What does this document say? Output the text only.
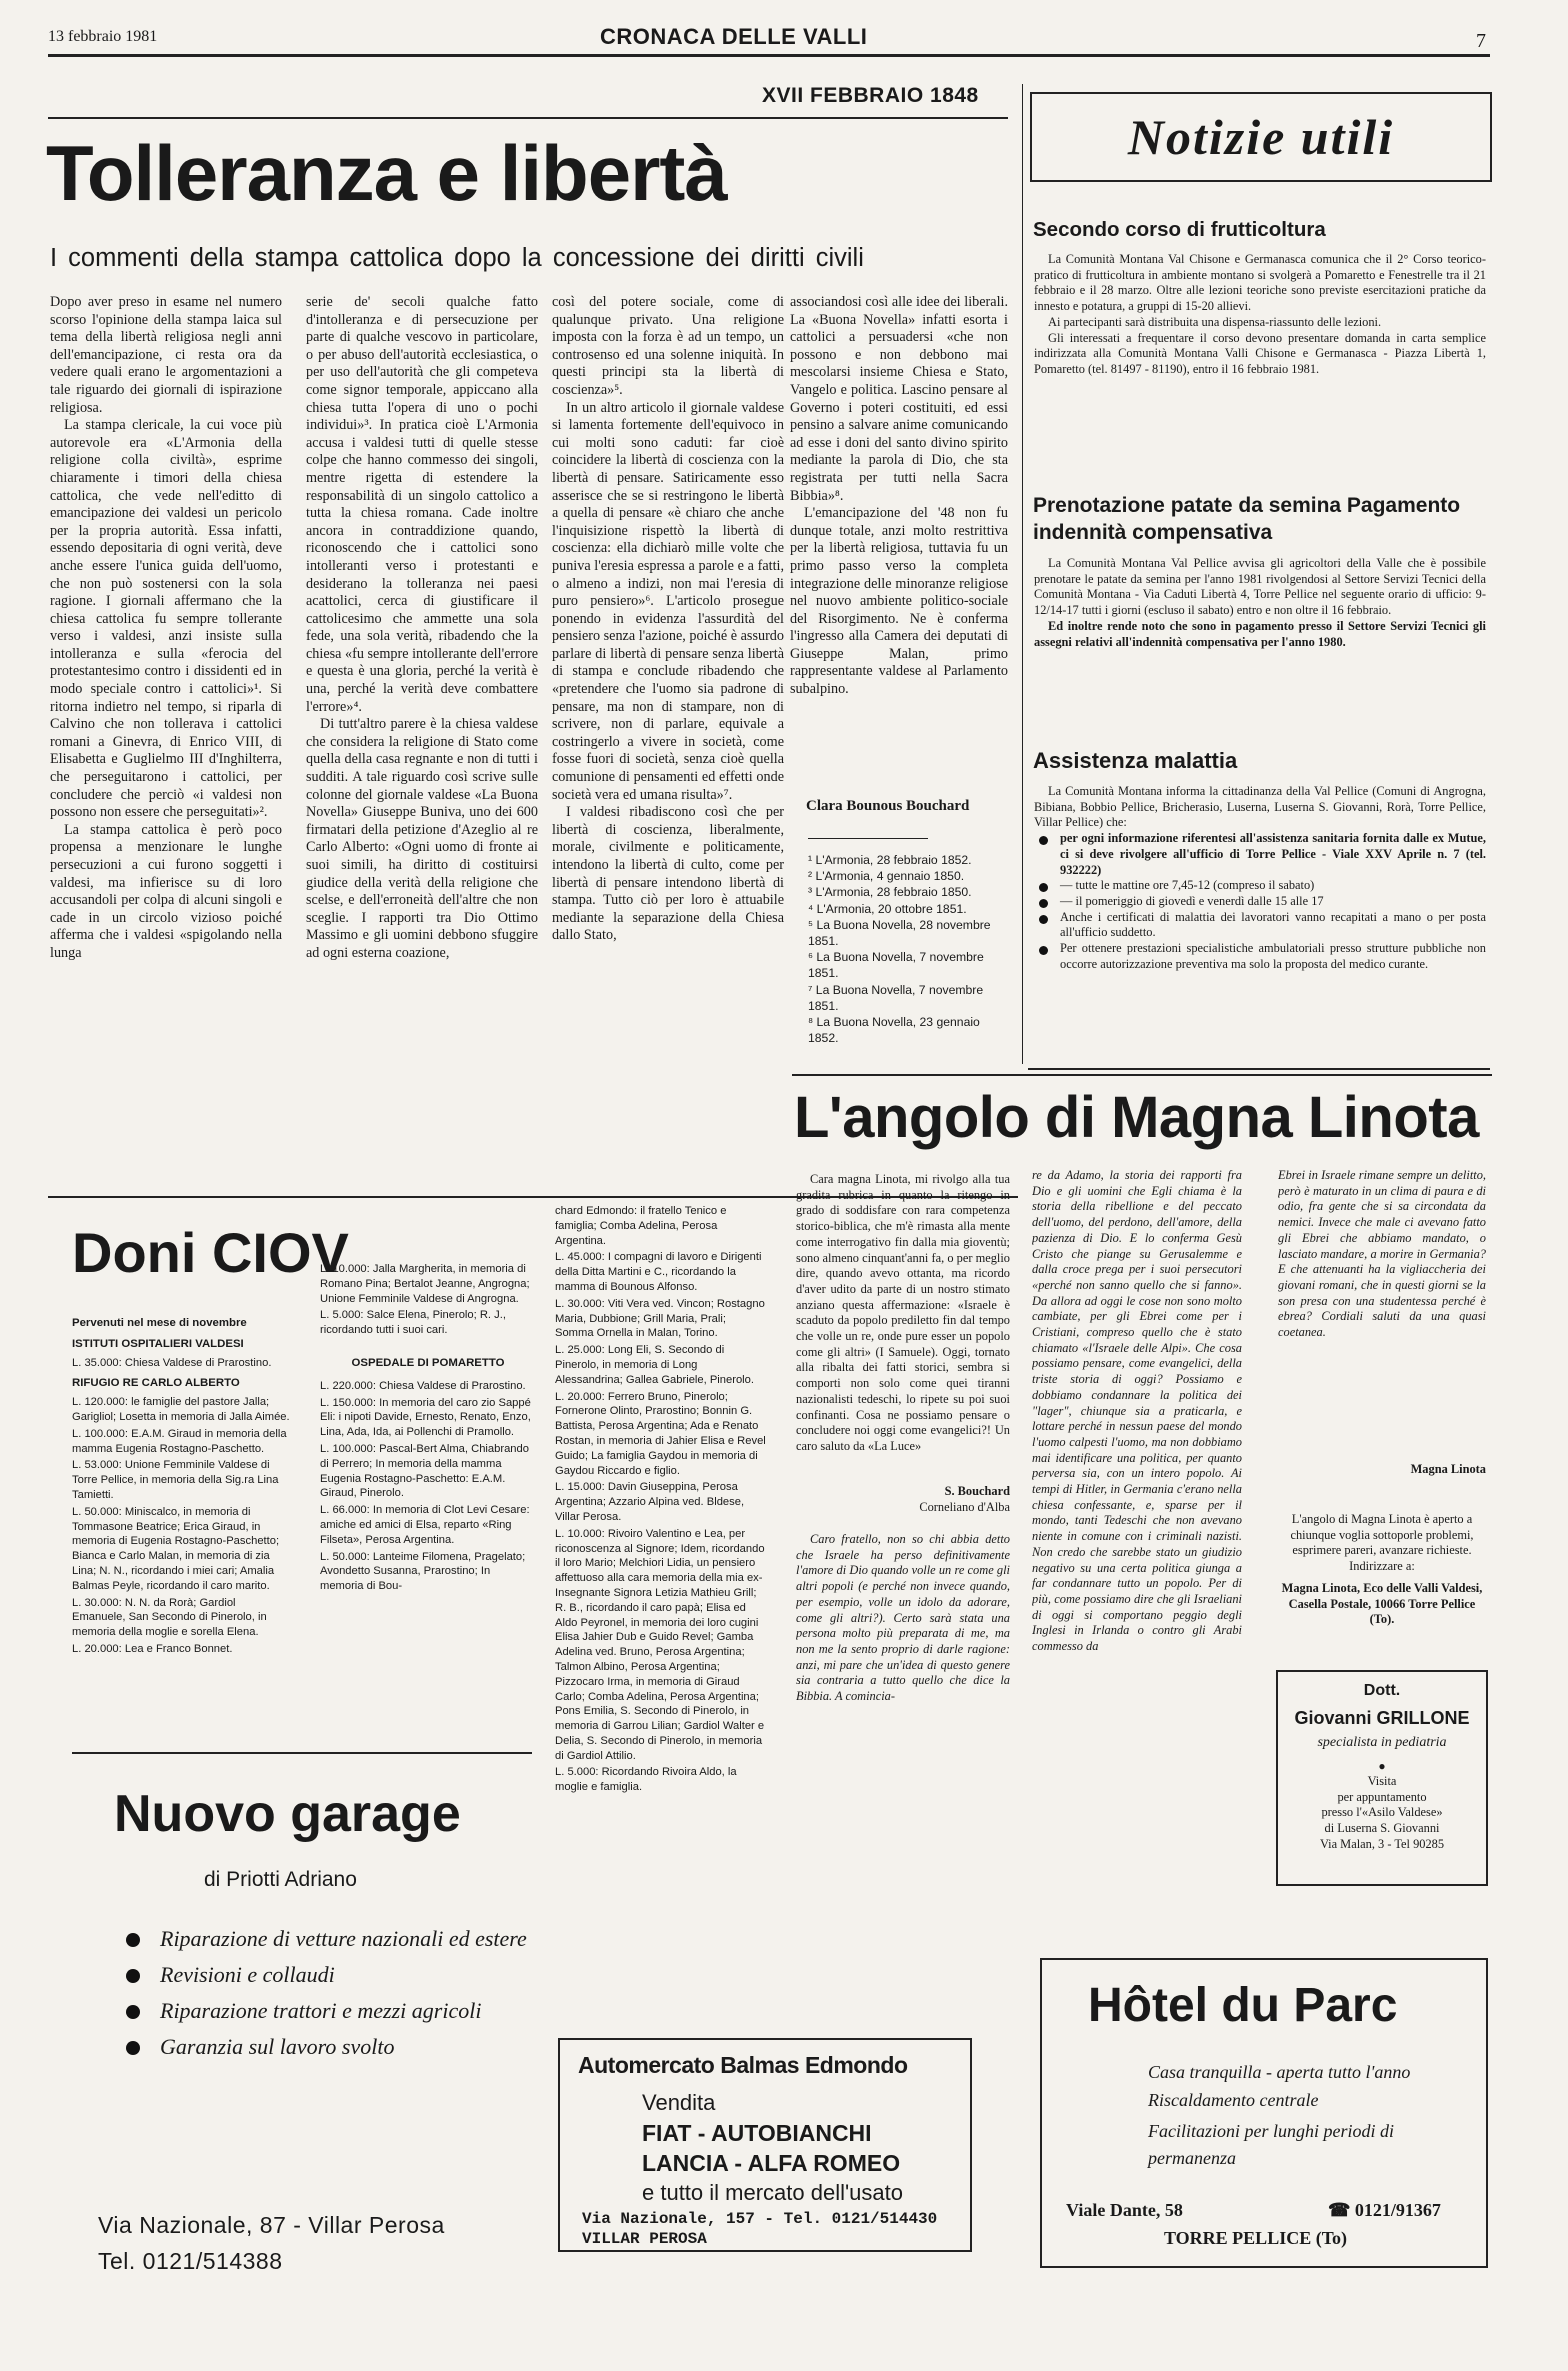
13 febbraio 1981	CRONACA DELLE VALLI	7
XVII FEBBRAIO 1848
Tolleranza e libertà
I commenti della stampa cattolica dopo la concessione dei diritti civili

Dopo aver preso in esame nel numero scorso l'opinione della stampa laica sul tema della libertà religiosa negli anni dell'emancipazione, ci resta ora da vedere quali erano le argomentazioni a tale riguardo dei giornali di ispirazione religiosa.

La stampa clericale, la cui voce più autorevole era «L'Armonia della religione colla civiltà», esprime chiaramente i timori della chiesa cattolica, che vede nell'editto di emancipazione dei valdesi un pericolo per la propria autorità. Essa infatti, essendo depositaria di ogni verità, deve anche essere l'unica guida dell'uomo, che non può sostenersi con la sola ragione. I giornali affermano che la chiesa cattolica fu sempre tollerante verso i valdesi, anzi insiste sulla intolleranza e sulla «ferocia del protestantesimo contro i dissidenti ed in modo speciale contro i cattolici»¹. Si ritorna indietro nel tempo, si riparla di Calvino che non tollerava i cattolici romani a Ginevra, di Enrico VIII, di Elisabetta e Guglielmo III d'Inghilterra, che perseguitarono i cattolici, per concludere che perciò «i valdesi non possono non essere che perseguitati»².

La stampa cattolica è però poco propensa a menzionare le lunghe persecuzioni a cui furono soggetti i valdesi, ma infierisce su di loro accusandoli per colpa di alcuni singoli e cade in un circolo vizioso poiché afferma che i valdesi «spigolando nella lunga

serie de' secoli qualche fatto d'intolleranza e di persecuzione per parte di qualche vescovo in particolare, o per abuso dell'autorità ecclesiastica, o per uso dell'autorità che gli competeva come signor temporale, appiccano alla chiesa tutta l'opera di uno o pochi individui»³. In pratica cioè L'Armonia accusa i valdesi tutti di quelle stesse colpe che hanno commesso dei singoli, mentre rigetta di estendere la responsabilità di un singolo cattolico a tutta la chiesa romana. Cade inoltre ancora in contraddizione quando, riconoscendo che i cattolici sono intolleranti verso i protestanti e desiderano la tolleranza nei paesi acattolici, cerca di giustificare il cattolicesimo che ammette una sola fede, una sola verità, ribadendo che la chiesa «fu sempre intollerante dell'errore e questa è una gloria, perché la verità è una, perché la verità deve combattere l'errore»⁴.

Di tutt'altro parere è la chiesa valdese che considera la religione di Stato come quella della casa regnante e non di tutti i sudditi. A tale riguardo così scrive sulle colonne del giornale valdese «La Buona Novella» Giuseppe Buniva, uno dei 600 firmatari della petizione d'Azeglio al re Carlo Alberto: «Ogni uomo di fronte ai suoi simili, ha diritto di costituirsi giudice della verità della religione che scelse, e dell'erroneità dell'altre che non sceglie. I rapporti tra Dio Ottimo Massimo e gli uomini debbono sfuggire ad ogni esterna coazione,

così del potere sociale, come di qualunque privato. Una religione imposta con la forza è ad un tempo, un controsenso ed una solenne iniquità. In questi principi sta la libertà di coscienza»⁵.

In un altro articolo il giornale valdese si lamenta fortemente dell'equivoco in cui molti sono caduti: far cioè coincidere la libertà di coscienza con la libertà di pensare. Satiricamente esso asserisce che se si restringono le libertà a quella di pensare «è chiaro che anche l'inquisizione rispettò la libertà di coscienza: ella dichiarò mille volte che puniva l'eresia espressa a parole e a fatti, o almeno a indizi, non mai l'eresia di puro pensiero»⁶. L'articolo prosegue ponendo in evidenza l'assurdità del pensiero senza l'azione, poiché è assurdo parlare di libertà di pensare senza libertà di stampa e conclude ribadendo che «pretendere che l'uomo sia padrone di pensare, ma non di stampare, non di scrivere, non di parlare, equivale a costringerlo a vivere in società, come fosse fuori di società, senza cioè quella comunione di pensamenti ed effetti onde società vera ed umana risulta»⁷.

I valdesi ribadiscono così che per libertà di coscienza, liberalmente, morale, civilmente e politicamente, intendono la libertà di culto, come per libertà di pensare intendono libertà di stampa. Tutto ciò per loro è attuabile mediante la separazione della Chiesa dallo Stato,

associandosi così alle idee dei liberali. La «Buona Novella» infatti esorta i cattolici a persuadersi «che non possono e non debbono mai mescolarsi insieme Chiesa e Stato, Vangelo e politica. Lascino pensare al Governo i poteri costituiti, ed essi pensino a salvare anime comunicando ad esse i doni del santo divino spirito mediante la parola di Dio, che sta registrata per tutti nella Sacra Bibbia»⁸.

L'emancipazione del '48 non fu dunque totale, anzi molto restrittiva per la libertà religiosa, tuttavia fu un primo passo verso la completa integrazione delle minoranze religiose nel nuovo ambiente politico-sociale del Risorgimento. Ne è conferma l'ingresso alla Camera dei deputati di Giuseppe Malan, primo rappresentante valdese al Parlamento subalpino.

Clara Bounous Bouchard
¹ L'Armonia, 28 febbraio 1852.
² L'Armonia, 4 gennaio 1850.
³ L'Armonia, 28 febbraio 1850.
⁴ L'Armonia, 20 ottobre 1851.
⁵ La Buona Novella, 28 novembre 1851.
⁶ La Buona Novella, 7 novembre 1851.
⁷ La Buona Novella, 7 novembre 1851.
⁸ La Buona Novella, 23 gennaio 1852.
Notizie utili
Secondo corso di frutticoltura

La Comunità Montana Val Chisone e Germanasca comunica che il 2° Corso teorico-pratico di frutticoltura in ambiente montano si svolgerà a Pomaretto e Fenestrelle tra il 21 febbraio e il 28 marzo. Oltre alle lezioni teoriche sono previste esercitazioni pratiche da innesto e potatura, a gruppi di 15-20 allievi.

Ai partecipanti sarà distribuita una dispensa-riassunto delle lezioni.

Gli interessati a frequentare il corso devono presentare domanda in carta semplice indirizzata alla Comunità Montana Valli Chisone e Germanasca - Piazza Libertà 1, Pomaretto (tel. 81497 - 81190), entro il 16 febbraio 1981.

Prenotazione patate da semina Pagamento indennità compensativa

La Comunità Montana Val Pellice avvisa gli agricoltori della Valle che è possibile prenotare le patate da semina per l'anno 1981 rivolgendosi al Settore Servizi Tecnici della Comunità Montana - Via Caduti Libertà 4, Torre Pellice nel seguente orario di ufficio: 9-12/14-17 tutti i giorni (escluso il sabato) entro e non oltre il 16 febbraio.

Ed inoltre rende noto che sono in pagamento presso il Settore Servizi Tecnici gli assegni relativi all'indennità compensativa per l'anno 1980.

Assistenza malattia

La Comunità Montana informa la cittadinanza della Val Pellice (Comuni di Angrogna, Bibiana, Bobbio Pellice, Bricherasio, Luserna, Luserna S. Giovanni, Rorà, Torre Pellice, Villar Pellice) che:

per ogni informazione riferentesi all'assistenza sanitaria fornita dalle ex Mutue, ci si deve rivolgere all'ufficio di Torre Pellice - Viale XXV Aprile n. 7 (tel. 932222)
— tutte le mattine ore 7,45-12 (compreso il sabato)
— il pomeriggio di giovedì e venerdì dalle 15 alle 17
Anche i certificati di malattia dei lavoratori vanno recapitati a mano o per posta all'ufficio suddetto.
Per ottenere prestazioni specialistiche ambulatoriali presso strutture pubbliche non occorre autorizzazione preventiva ma solo la proposta del medico curante.
Doni CIOV
Pervenuti nel mese di novembre
ISTITUTI OSPITALIERI VALDESI

L. 35.000: Chiesa Valdese di Prarostino.

RIFUGIO RE CARLO ALBERTO

L. 120.000: le famiglie del pastore Jalla; Garigliol; Losetta in memoria di Jalla Aimée.

L. 100.000: E.A.M. Giraud in memoria della mamma Eugenia Rostagno-Paschetto.

L. 53.000: Unione Femminile Valdese di Torre Pellice, in memoria della Sig.ra Lina Tamietti.

L. 50.000: Miniscalco, in memoria di Tommasone Beatrice; Erica Giraud, in memoria di Eugenia Rostagno-Paschetto; Bianca e Carlo Malan, in memoria di zia Lina; N. N., ricordando i miei cari; Amalia Balmas Peyle, ricordando il caro marito.

L. 30.000: N. N. da Rorà; Gardiol Emanuele, San Secondo di Pinerolo, in memoria della moglie e sorella Elena.

L. 20.000: Lea e Franco Bonnet.

L. 10.000: Jalla Margherita, in memoria di Romano Pina; Bertalot Jeanne, Angrogna; Unione Femminile Valdese di Angrogna.

L. 5.000: Salce Elena, Pinerolo; R. J., ricordando tutti i suoi cari.

OSPEDALE DI POMARETTO

L. 220.000: Chiesa Valdese di Prarostino.

L. 150.000: In memoria del caro zio Sappé Eli: i nipoti Davide, Ernesto, Renato, Enzo, Lina, Ada, Ida, ai Pollenchi di Pramollo.

L. 100.000: Pascal-Bert Alma, Chiabrando di Perrero; In memoria della mamma Eugenia Rostagno-Paschetto: E.A.M. Giraud, Pinerolo.

L. 66.000: In memoria di Clot Levi Cesare: amiche ed amici di Elsa, reparto «Ring Filseta», Perosa Argentina.

L. 50.000: Lanteime Filomena, Pragelato; Avondetto Susanna, Prarostino; In memoria di Bou-

chard Edmondo: il fratello Tenico e famiglia; Comba Adelina, Perosa Argentina.

L. 45.000: I compagni di lavoro e Dirigenti della Ditta Martini e C., ricordando la mamma di Bounous Alfonso.

L. 30.000: Viti Vera ved. Vincon; Rostagno Maria, Dubbione; Grill Maria, Prali; Somma Ornella in Malan, Torino.

L. 25.000: Long Eli, S. Secondo di Pinerolo, in memoria di Long Alessandrina; Gallea Gabriele, Pinerolo.

L. 20.000: Ferrero Bruno, Pinerolo; Fornerone Olinto, Prarostino; Bonnin G. Battista, Perosa Argentina; Ada e Renato Rostan, in memoria di Jahier Elisa e Revel Guido; La famiglia Gaydou in memoria di Gaydou Riccardo e figlio.

L. 15.000: Davin Giuseppina, Perosa Argentina; Azzario Alpina ved. Bldese, Villar Perosa.

L. 10.000: Rivoiro Valentino e Lea, per riconoscenza al Signore; Idem, ricordando il loro Mario; Melchiori Lidia, un pensiero affettuoso alla cara memoria della mia ex-Insegnante Signora Letizia Mathieu Grill; R. B., ricordando il caro papà; Elisa ed Aldo Peyronel, in memoria dei loro cugini Elisa Jahier Dub e Guido Revel; Gamba Adelina ved. Bruno, Perosa Argentina; Talmon Albino, Perosa Argentina; Pizzocaro Irma, in memoria di Giraud Carlo; Comba Adelina, Perosa Argentina; Pons Emilia, S. Secondo di Pinerolo, in memoria di Garrou Lilian; Gardiol Walter e Delia, S. Secondo di Pinerolo, in memoria di Gardiol Attilio.

L. 5.000: Ricordando Rivoira Aldo, la moglie e famiglia.

Nuovo garage
di Priotti Adriano
Riparazione di vetture nazionali ed estere
Revisioni e collaudi
Riparazione trattori e mezzi agricoli
Garanzia sul lavoro svolto
Via Nazionale, 87 - Villar Perosa
Tel. 0121/514388
L'angolo di Magna Linota

Cara magna Linota, mi rivolgo alla tua gradita rubrica in quanto la ritengo in grado di soddisfare con rara competenza storico-biblica, che m'è rimasta alla mente come interrogativo fin dalla mia gioventù; sono almeno cinquant'anni fa, o per meglio dire, quando avevo ottanta, ma ricordo d'aver udito da parte di un nostro stimato anziano questa affermazione: «Israele è scaduto da popolo prediletto fin dal tempo che volle un re, onde pure esser un popolo come gli altri» (I Samuele). Oggi, tornato alla ribalta dei fatti storici, sembra si comporti non solo come quei tiranni nazionalisti tedeschi, lo ripete su poi suoi confinanti. Cosa ne possiamo pensare o concludere noi oggi come evangelici?! Un caro saluto da «La Luce»

S. Bouchard
Corneliano d'Alba

Caro fratello, non so chi abbia detto che Israele ha perso definitivamente l'amore di Dio quando volle un re come gli altri popoli (e perché non invece quando, per esempio, volle un idolo da adorare, come gli altri?). Certo sarà stata una persona molto più preparata di me, ma non me la sento proprio di darle ragione: anzi, mi pare che un'idea di questo genere sia contraria a tutto quello che dice la Bibbia. A comincia-

re da Adamo, la storia dei rapporti fra Dio e gli uomini che Egli chiama è la storia della ribellione e del peccato dell'uomo, del perdono, dell'amore, della pazienza di Dio. E lo conferma Gesù Cristo che piange su Gerusalemme e dalla croce prega per i suoi persecutori «perché non sanno quello che si fanno». Da allora ad oggi le cose non sono molto cambiate, per gli Ebrei come per i Cristiani, compreso quello che è stato chiamato «l'Israele delle Alpi». Che cosa possiamo pensare, come evangelici, della triste storia di oggi? Possiamo e dobbiamo condannare la politica dei "lager", chiunque sia a praticarla, e lottare perché in nessun paese del mondo l'uomo calpesti l'uomo, ma non dobbiamo mai identificare una politica, per quanto perversa sia, con un intero popolo. Ai tempi di Hitler, in Germania c'erano nella chiesa confessante, e, sparse per il mondo, tanti Tedeschi che non avevano niente in comune con i criminali nazisti. Non credo che sarebbe stato un giudizio negativo su una certa politica giunga a far condannare tutto un popolo. Per di più, come possiamo dire che gli Israeliani di oggi si comportano peggio degli Inglesi in Irlanda o contro gli Arabi commesso da

Ebrei in Israele rimane sempre un delitto, però è maturato in un clima di paura e di odio, fra gente che si sa circondata da nemici. Invece che male ci avevano fatto gli Ebrei che abbiamo mandato, o lasciato mandare, a morire in Germania? E che attenuanti ha la vigliaccheria dei giovani romani, che in questi giorni se la son presa con una studentessa perché è ebrea? Cordiali saluti da una quasi coetanea.

Magna Linota

L'angolo di Magna Linota è aperto a chiunque voglia sottoporle problemi, esprimere pareri, avanzare richieste. Indirizzare a:

Magna Linota, Eco delle Valli Valdesi, Casella Postale, 10066 Torre Pellice (To).

Dott.
Giovanni GRILLONE
specialista in pediatria
●
Visita
per appuntamento
presso l'«Asilo Valdese»
di Luserna S. Giovanni
Via Malan, 3 - Tel 90285
Automercato Balmas Edmondo
Vendita
FIAT - AUTOBIANCHI
LANCIA - ALFA ROMEO
e tutto il mercato dell'usato
Via Nazionale, 157 - Tel. 0121/514430
VILLAR PEROSA
Hôtel du Parc
Casa tranquilla - aperta tutto l'anno
Riscaldamento centrale
Facilitazioni per lunghi periodi di permanenza
Viale Dante, 58	☎ 0121/91367
TORRE PELLICE (To)
